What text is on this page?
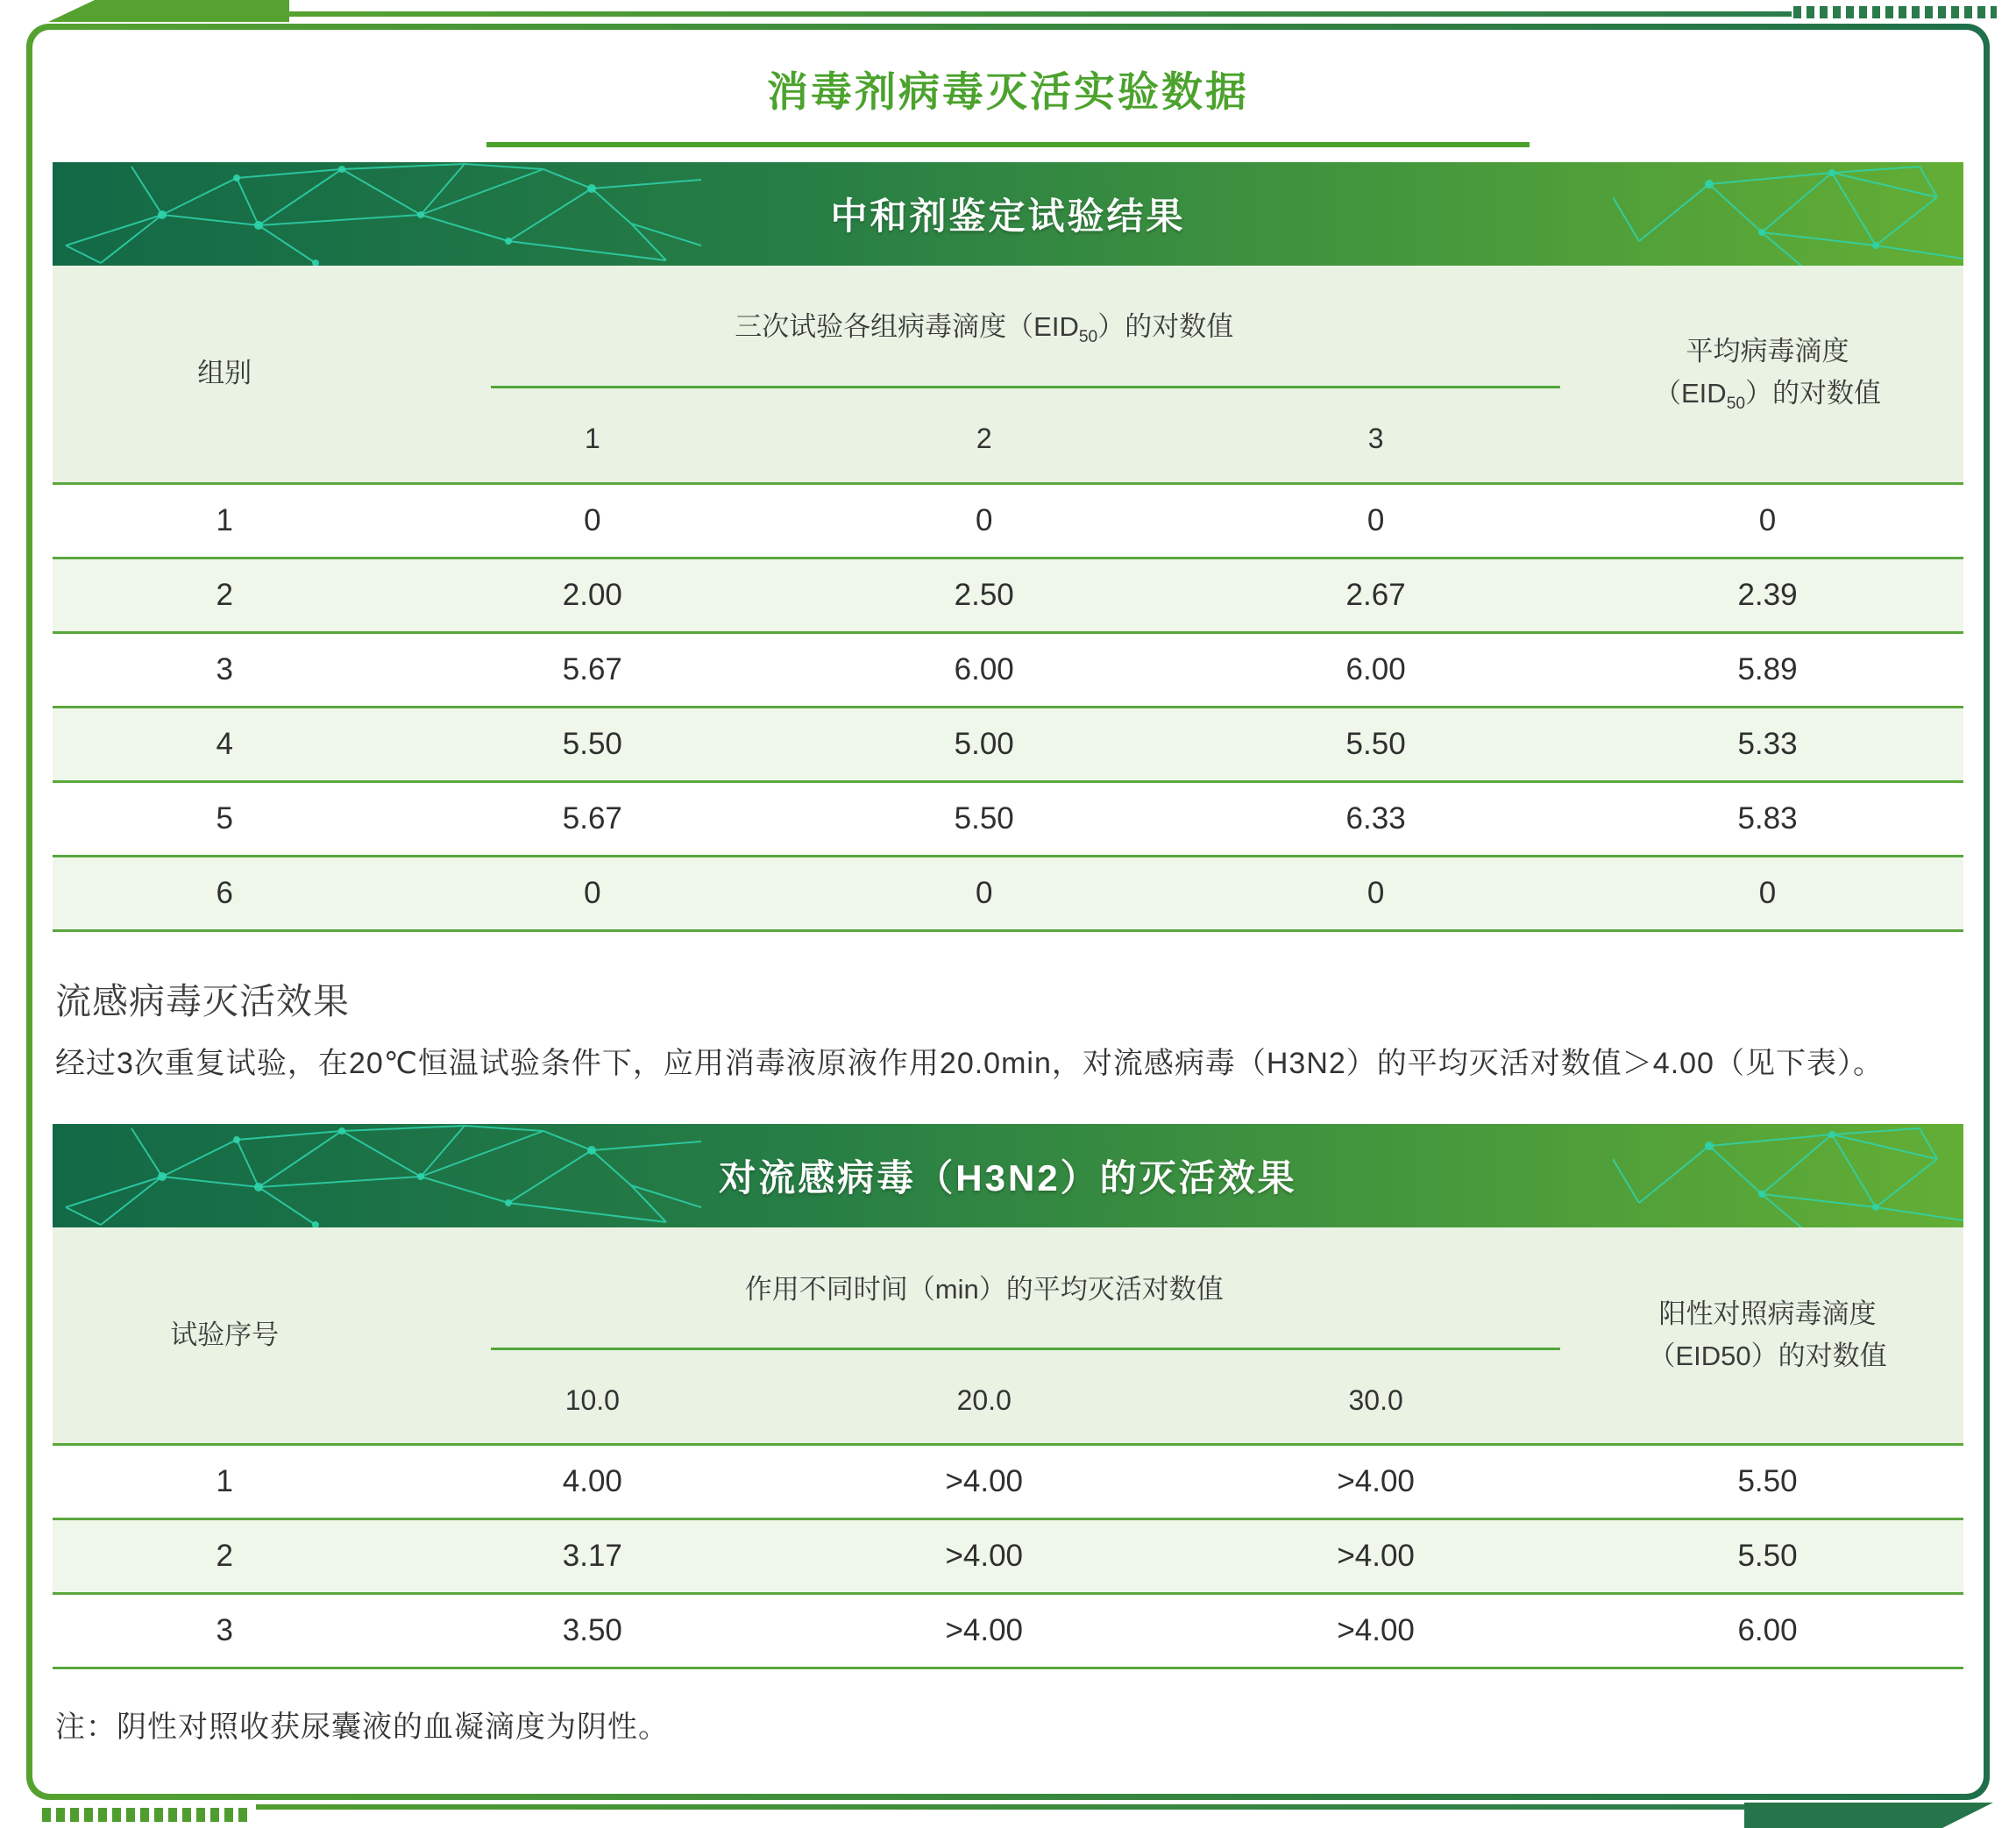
消毒剂病毒灭活实验数据
中和剂鉴定试验结果
组别	三次试验各组病毒滴度$(EID_{50})$的对数值			平均病毒滴度
$(EID_{50})$的对数值
	1	2	3	
1	0	0	0	0
2	2.00	2.50	2.67	2.39
3	5.67	6.00	6.00	5.89
4	5.50	5.00	5.50	5.33
5	5.67	5.50	6.33	5.83
6	0	0	0	0
流感病毒灭活效果
经过3次重复试验，在20℃恒温试验条件下，应用消毒液原液作用20.0min，对流感病毒（H3N2）的平均灭活对数值＞4.00（见下表）。
对流感病毒（H3N2）的灭活效果
试验序号	作用不同时间（min）的平均灭活对数值			阳性对照病毒滴度
（EID50）的对数值
	10.0	20.0	30.0	
1	4.00	>4.00	>4.00	5.50
2	3.17	>4.00	>4.00	5.50
3	3.50	>4.00	>4.00	6.00
注：阴性对照收获尿囊液的血凝滴度为阴性。
